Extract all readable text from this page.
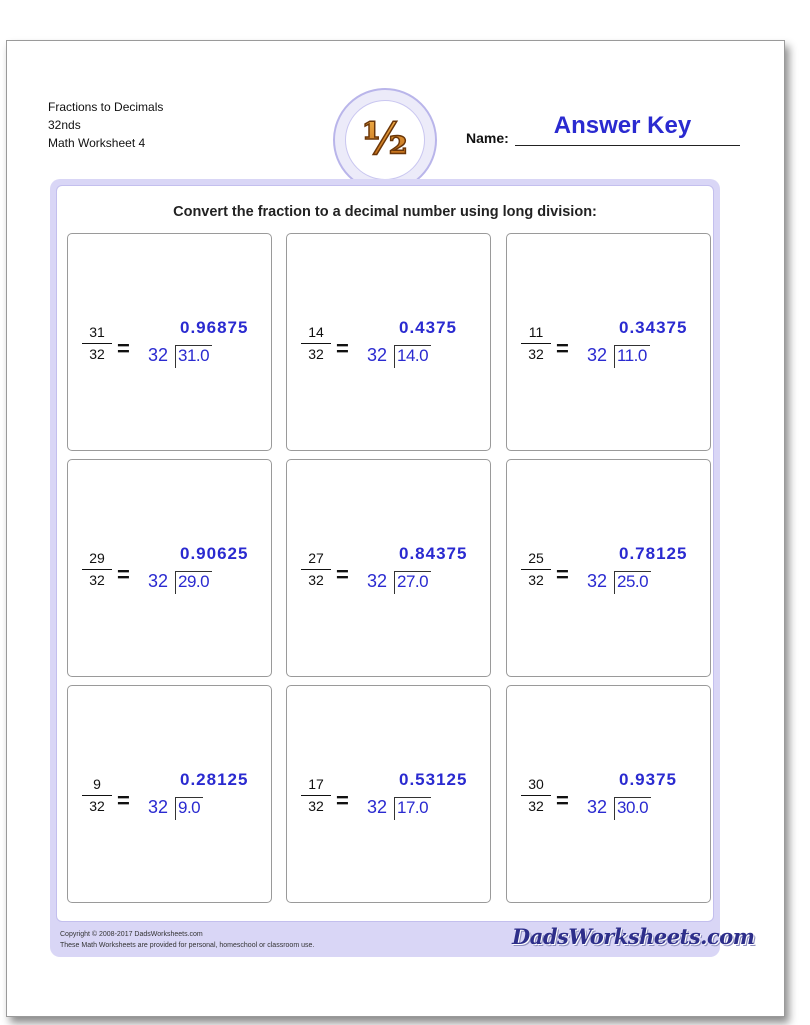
Fractions to Decimals
32nds
Math Worksheet 4	½	Name:	Answer Key
Convert the fraction to a decimal number using long division:
31
32 =
0.96875
32 31.0
14
32 =
0.4375
32 14.0
11
32 =
0.34375
32 11.0
29
32 =
0.90625
32 29.0
27
32 =
0.84375
32 27.0
25
32 =
0.78125
32 25.0
9
32 =
0.28125
32 9.0
17
32 =
0.53125
32 17.0
30
32 =
0.9375
32 30.0
Copyright © 2008-2017 DadsWorksheets.com
These Math Worksheets are provided for personal, homeschool or classroom use.	DadsWorksheets.com
